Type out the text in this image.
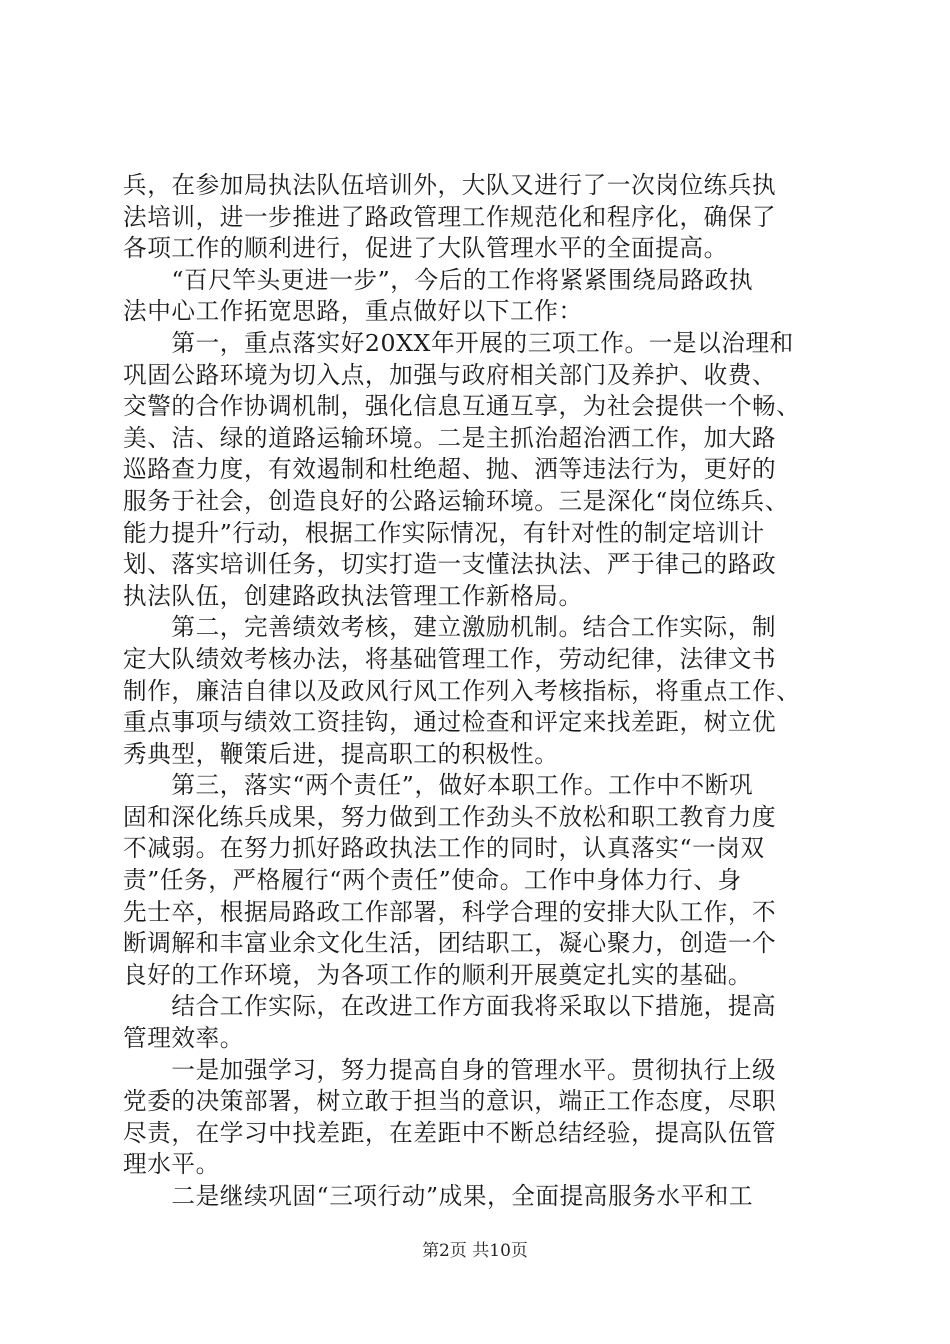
兵，在参加局执法队伍培训外，大队又进行了一次岗位练兵执
法培训，进一步推进了路政管理工作规范化和程序化，确保了
各项工作的顺利进行，促进了大队管理水平的全面提高。

　　“百尺竿头更进一步”，今后的工作将紧紧围绕局路政执
法中心工作拓宽思路，重点做好以下工作：

　　第一，重点落实好20XX年开展的三项工作。一是以治理和
巩固公路环境为切入点，加强与政府相关部门及养护、收费、
交警的合作协调机制，强化信息互通互享，为社会提供一个畅、
美、洁、绿的道路运输环境。二是主抓治超治洒工作，加大路
巡路查力度，有效遏制和杜绝超、抛、洒等违法行为，更好的
服务于社会，创造良好的公路运输环境。三是深化“岗位练兵、
能力提升”行动，根据工作实际情况，有针对性的制定培训计
划、落实培训任务，切实打造一支懂法执法、严于律己的路政
执法队伍，创建路政执法管理工作新格局。

　　第二，完善绩效考核，建立激励机制。结合工作实际，制
定大队绩效考核办法，将基础管理工作，劳动纪律，法律文书
制作，廉洁自律以及政风行风工作列入考核指标，将重点工作、
重点事项与绩效工资挂钩，通过检查和评定来找差距，树立优
秀典型，鞭策后进，提高职工的积极性。

　　第三，落实“两个责任”，做好本职工作。工作中不断巩
固和深化练兵成果，努力做到工作劲头不放松和职工教育力度
不减弱。在努力抓好路政执法工作的同时，认真落实“一岗双
责”任务，严格履行“两个责任”使命。工作中身体力行、身
先士卒，根据局路政工作部署，科学合理的安排大队工作，不
断调解和丰富业余文化生活，团结职工，凝心聚力，创造一个
良好的工作环境，为各项工作的顺利开展奠定扎实的基础。

　　结合工作实际，在改进工作方面我将采取以下措施，提高
管理效率。

　　一是加强学习，努力提高自身的管理水平。贯彻执行上级
党委的决策部署，树立敢于担当的意识，端正工作态度，尽职
尽责，在学习中找差距，在差距中不断总结经验，提高队伍管
理水平。

　　二是继续巩固“三项行动”成果，全面提高服务水平和工

第2页 共10页
